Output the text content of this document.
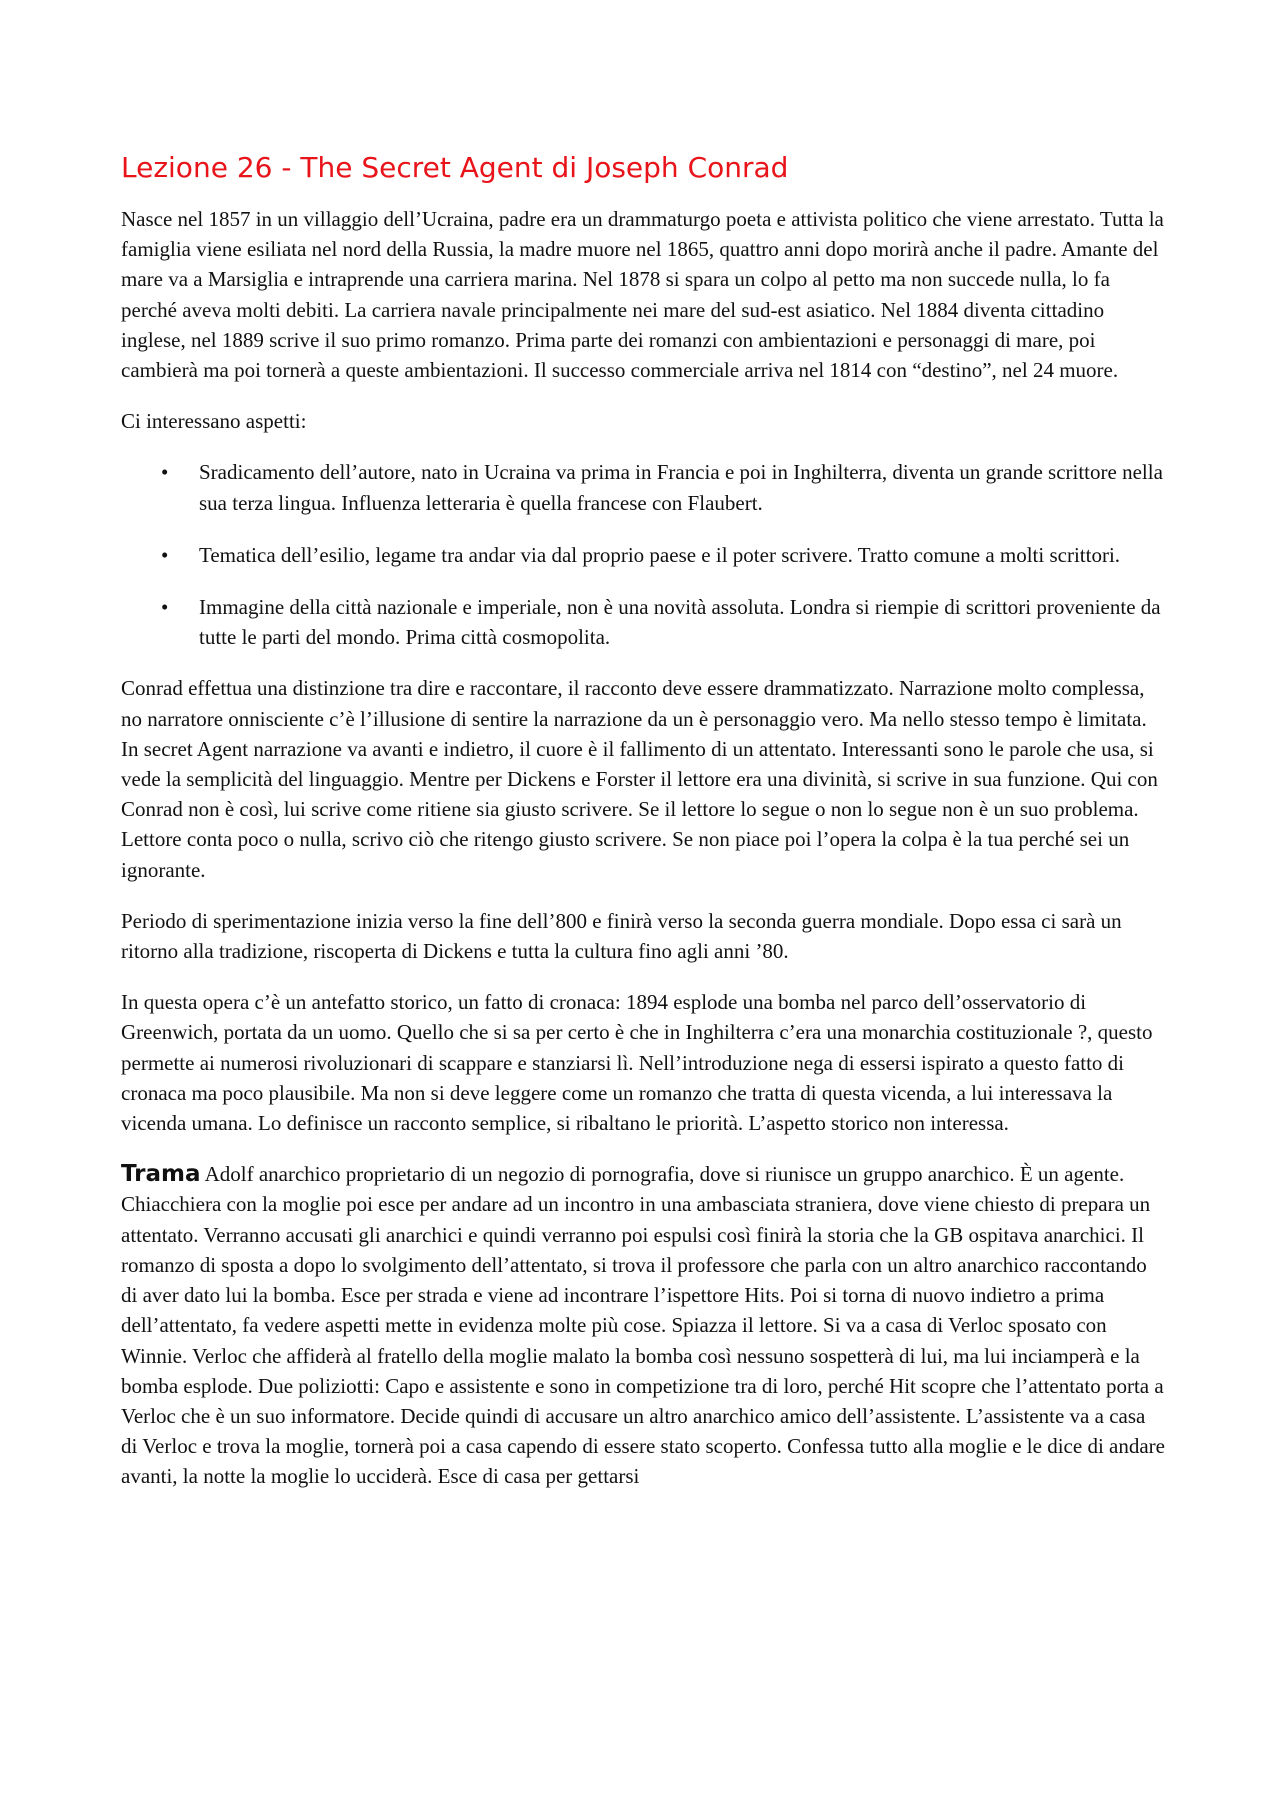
Lezione 26 - The Secret Agent di Joseph Conrad

Nasce nel 1857 in un villaggio dell’Ucraina, padre era un drammaturgo poeta e attivista politico che viene arrestato. Tutta la famiglia viene esiliata nel nord della Russia, la madre muore nel 1865, quattro anni dopo morirà anche il padre. Amante del mare va a Marsiglia e intraprende una carriera marina. Nel 1878 si spara un colpo al petto ma non succede nulla, lo fa perché aveva molti debiti. La carriera navale principalmente nei mare del sud-est asiatico. Nel 1884 diventa cittadino inglese, nel 1889 scrive il suo primo romanzo. Prima parte dei romanzi con ambientazioni e personaggi di mare, poi cambierà ma poi tornerà a queste ambientazioni. Il successo commerciale arriva nel 1814 con “destino”, nel 24 muore.

Ci interessano aspetti:

• Sradicamento dell’autore, nato in Ucraina va prima in Francia e poi in Inghilterra, diventa un grande scrittore nella sua terza lingua. Influenza letteraria è quella francese con Flaubert.
• Tematica dell’esilio, legame tra andar via dal proprio paese e il poter scrivere. Tratto comune a molti scrittori.
• Immagine della città nazionale e imperiale, non è una novità assoluta. Londra si riempie di scrittori proveniente da tutte le parti del mondo. Prima città cosmopolita.

Conrad effettua una distinzione tra dire e raccontare, il racconto deve essere drammatizzato. Narrazione molto complessa, no narratore onnisciente c’è l’illusione di sentire la narrazione da un è personaggio vero. Ma nello stesso tempo è limitata. In secret Agent narrazione va avanti e indietro, il cuore è il fallimento di un attentato. Interessanti sono le parole che usa, si vede la semplicità del linguaggio. Mentre per Dickens e Forster il lettore era una divinità, si scrive in sua funzione. Qui con Conrad non è così, lui scrive come ritiene sia giusto scrivere. Se il lettore lo segue o non lo segue non è un suo problema. Lettore conta poco o nulla, scrivo ciò che ritengo giusto scrivere. Se non piace poi l’opera la colpa è la tua perché sei un ignorante.

Periodo di sperimentazione inizia verso la fine dell’800 e finirà verso la seconda guerra mondiale. Dopo essa ci sarà un ritorno alla tradizione, riscoperta di Dickens e tutta la cultura fino agli anni ’80.

In questa opera c’è un antefatto storico, un fatto di cronaca: 1894 esplode una bomba nel parco dell’osservatorio di Greenwich, portata da un uomo. Quello che si sa per certo è che in Inghilterra c’era una monarchia costituzionale ?, questo permette ai numerosi rivoluzionari di scappare e stanziarsi lì. Nell’introduzione nega di essersi ispirato a questo fatto di cronaca ma poco plausibile. Ma non si deve leggere come un romanzo che tratta di questa vicenda, a lui interessava la vicenda umana. Lo definisce un racconto semplice, si ribaltano le priorità. L’aspetto storico non interessa.

Trama Adolf anarchico proprietario di un negozio di pornografia, dove si riunisce un gruppo anarchico. È un agente. Chiacchiera con la moglie poi esce per andare ad un incontro in una ambasciata straniera, dove viene chiesto di prepara un attentato. Verranno accusati gli anarchici e quindi verranno poi espulsi così finirà la storia che la GB ospitava anarchici. Il romanzo di sposta a dopo lo svolgimento dell’attentato, si trova il professore che parla con un altro anarchico raccontando di aver dato lui la bomba. Esce per strada e viene ad incontrare l’ispettore Hits. Poi si torna di nuovo indietro a prima dell’attentato, fa vedere aspetti mette in evidenza molte più cose. Spiazza il lettore. Si va a casa di Verloc sposato con Winnie. Verloc che affiderà al fratello della moglie malato la bomba così nessuno sospetterà di lui, ma lui inciamperà e la bomba esplode. Due poliziotti: Capo e assistente e sono in competizione tra di loro, perché Hit scopre che l’attentato porta a Verloc che è un suo informatore. Decide quindi di accusare un altro anarchico amico dell’assistente. L’assistente va a casa di Verloc e trova la moglie, tornerà poi a casa capendo di essere stato scoperto. Confessa tutto alla moglie e le dice di andare avanti, la notte la moglie lo ucciderà. Esce di casa per gettarsi
